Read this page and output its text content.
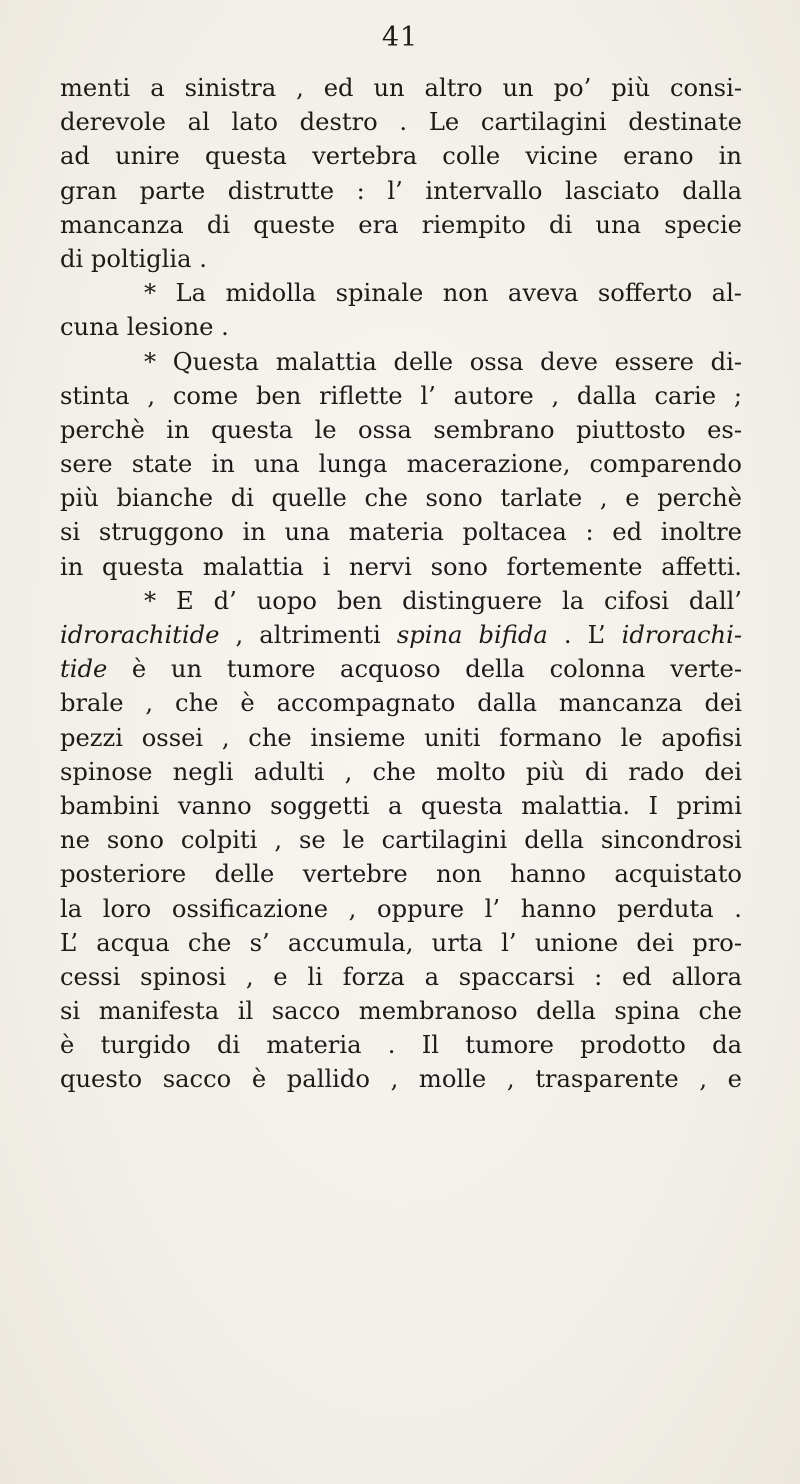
41
menti a sinistra , ed un altro un po’ più consi-
derevole al lato destro . Le cartilagini destinate
ad unire questa vertebra colle vicine erano in
gran parte distrutte : l’ intervallo lasciato dalla
mancanza di queste era riempito di una specie
di poltiglia .
* La midolla spinale non aveva sofferto al-
cuna lesione .
* Questa malattia delle ossa deve essere di-
stinta , come ben riflette l’ autore , dalla carie ;
perchè in questa le ossa sembrano piuttosto es-
sere state in una lunga macerazione, comparendo
più bianche di quelle che sono tarlate , e perchè
si struggono in una materia poltacea : ed inoltre
in questa malattia i nervi sono fortemente affetti.
* E d’ uopo ben distinguere la cifosi dall’
idrorachitide , altrimenti spina bifida . L’ idrorachi-
tide è un tumore acquoso della colonna verte-
brale , che è accompagnato dalla mancanza dei
pezzi ossei , che insieme uniti formano le apofisi
spinose negli adulti , che molto più di rado dei
bambini vanno soggetti a questa malattia. I primi
ne sono colpiti , se le cartilagini della sincondrosi
posteriore delle vertebre non hanno acquistato
la loro ossificazione , oppure l’ hanno perduta .
L’ acqua che s’ accumula, urta l’ unione dei pro-
cessi spinosi , e li forza a spaccarsi : ed allora
si manifesta il sacco membranoso della spina che
è turgido di materia . Il tumore prodotto da
questo sacco è pallido , molle , trasparente , e
